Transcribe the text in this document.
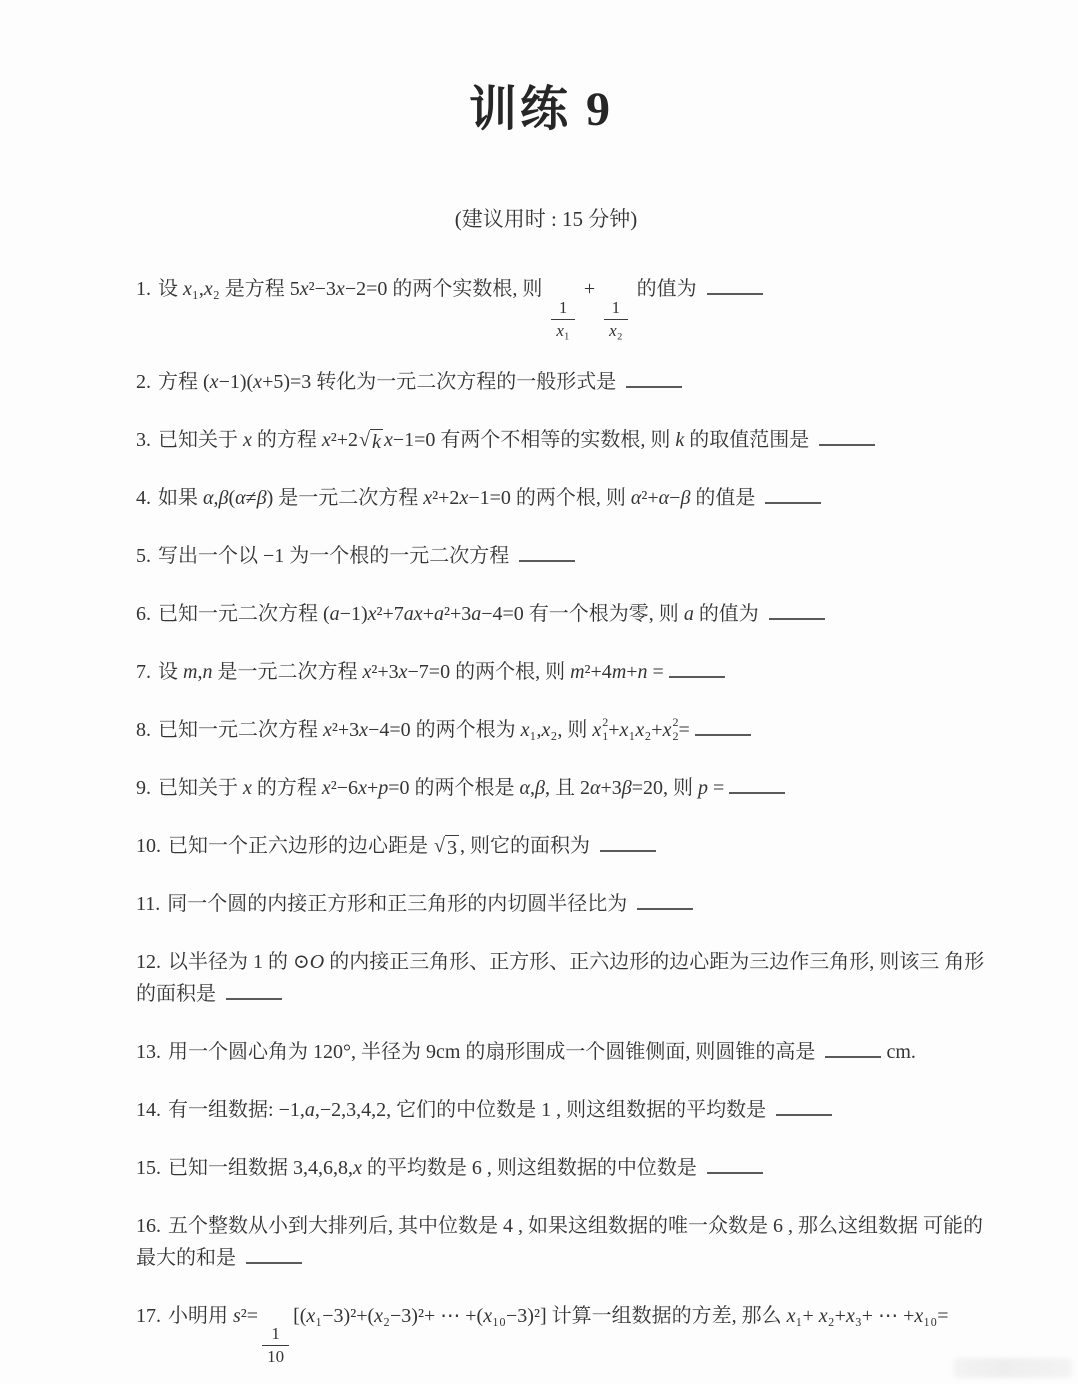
训练 9
(建议用时 : 15 分钟)
1. 设 x₁,x₂ 是方程 5x²−3x−2=0 的两个实数根, 则
$\frac{1}{\text{x₁}}$
+
$\frac{1}{\text{x₂}}$
的值为
2. 方程 (x−1)(x+5)=3 转化为一元二次方程的一般形式是
3. 已知关于 x 的方程 x²+2 √ k x−1=0 有两个不相等的实数根, 则 k 的取值范围是
4. 如果 α,β(α≠β) 是一元二次方程 x²+2x−1=0 的两个根, 则 α²+α−β 的值是
5. 写出一个以 −1 为一个根的一元二次方程
6. 已知一元二次方程 (a−1)x²+7ax+a²+3a−4=0 有一个根为零, 则 a 的值为
7. 设 m,n 是一元二次方程 x²+3x−7=0 的两个根, 则 m²+4m+n =
8. 已知一元二次方程 x²+3x−4=0 的两个根为 x₁,x₂, 则 x 2
1 +x₁x₂+ x 2
2 =
9. 已知关于 x 的方程 x²−6x+p=0 的两个根是 α,β, 且 2α+3β=20, 则 p =
10. 已知一个正六边形的边心距是 √ 3 , 则它的面积为
11. 同一个圆的内接正方形和正三角形的内切圆半径比为
12. 以半径为 1 的 ⊙O 的内接正三角形、正方形、正六边形的边心距为三边作三角形, 则该三 角形的面积是
13. 用一个圆心角为 120°, 半径为 9cm 的扇形围成一个圆锥侧面, 则圆锥的高是	cm.
14. 有一组数据: −1,a,−2,3,4,2, 它们的中位数是 1 , 则这组数据的平均数是
15. 已知一组数据 3,4,6,8,x 的平均数是 6 , 则这组数据的中位数是
16. 五个整数从小到大排列后, 其中位数是 4 , 如果这组数据的唯一众数是 6 , 那么这组数据 可能的最大的和是
17. 小明用 s²=
$\frac{1}{10}$
[(x₁−3)²+(x₂−3)²+ ⋯ +(x₁₀−3)²] 计算一组数据的方差, 那么 x₁+ x₂+x₃+ ⋯ +x₁₀=
